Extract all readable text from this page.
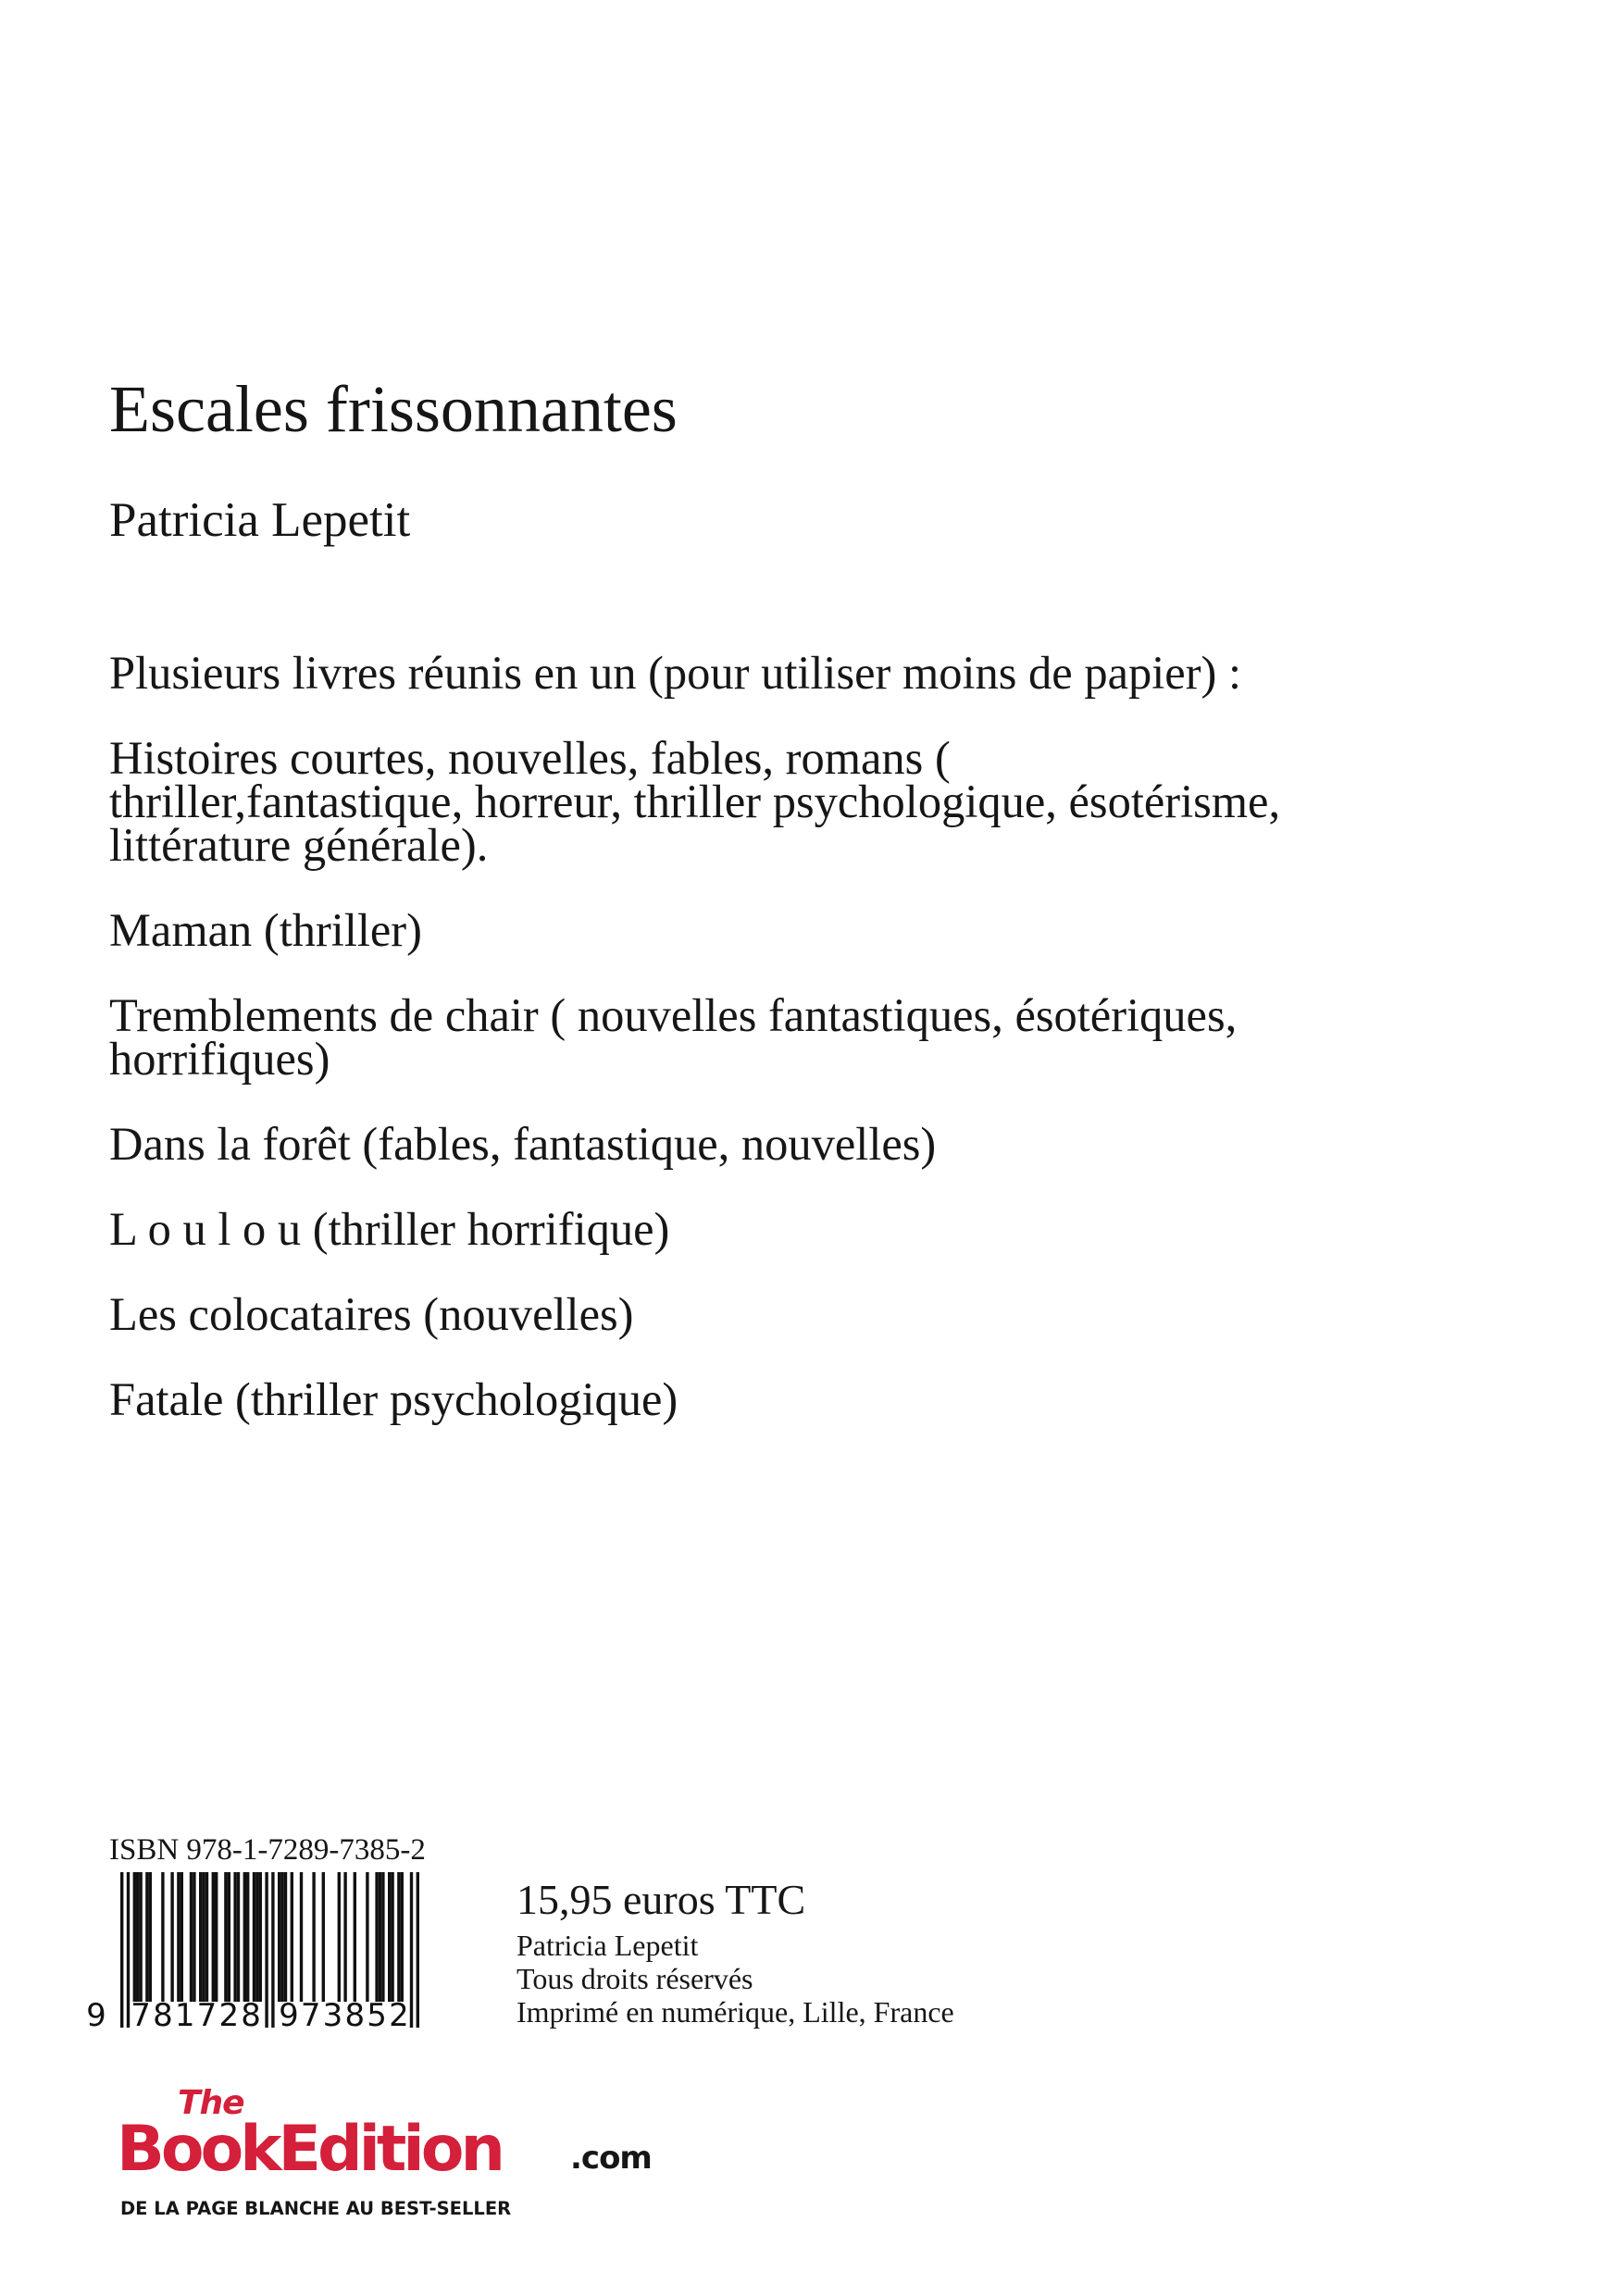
Escales frissonnantes
Patricia Lepetit

Plusieurs livres réunis en un (pour utiliser moins de papier) :

Histoires courtes, nouvelles, fables, romans ( thriller,fantastique, horreur, thriller psychologique, ésotérisme, littérature générale).

Maman (thriller)

Tremblements de chair ( nouvelles fantastiques, ésotériques, horrifiques)

Dans la forêt (fables, fantastique, nouvelles)

L o u l o u (thriller horrifique)

Les colocataires (nouvelles)

Fatale (thriller psychologique)

ISBN 978-1-7289-7385-2
9 7 8 1 7 2 8 9 7 3 8 5 2
15,95 euros TTC
Patricia Lepetit
Tous droits réservés
Imprimé en numérique, Lille, France
The
BookEdition .com
DE LA PAGE BLANCHE AU BEST-SELLER
